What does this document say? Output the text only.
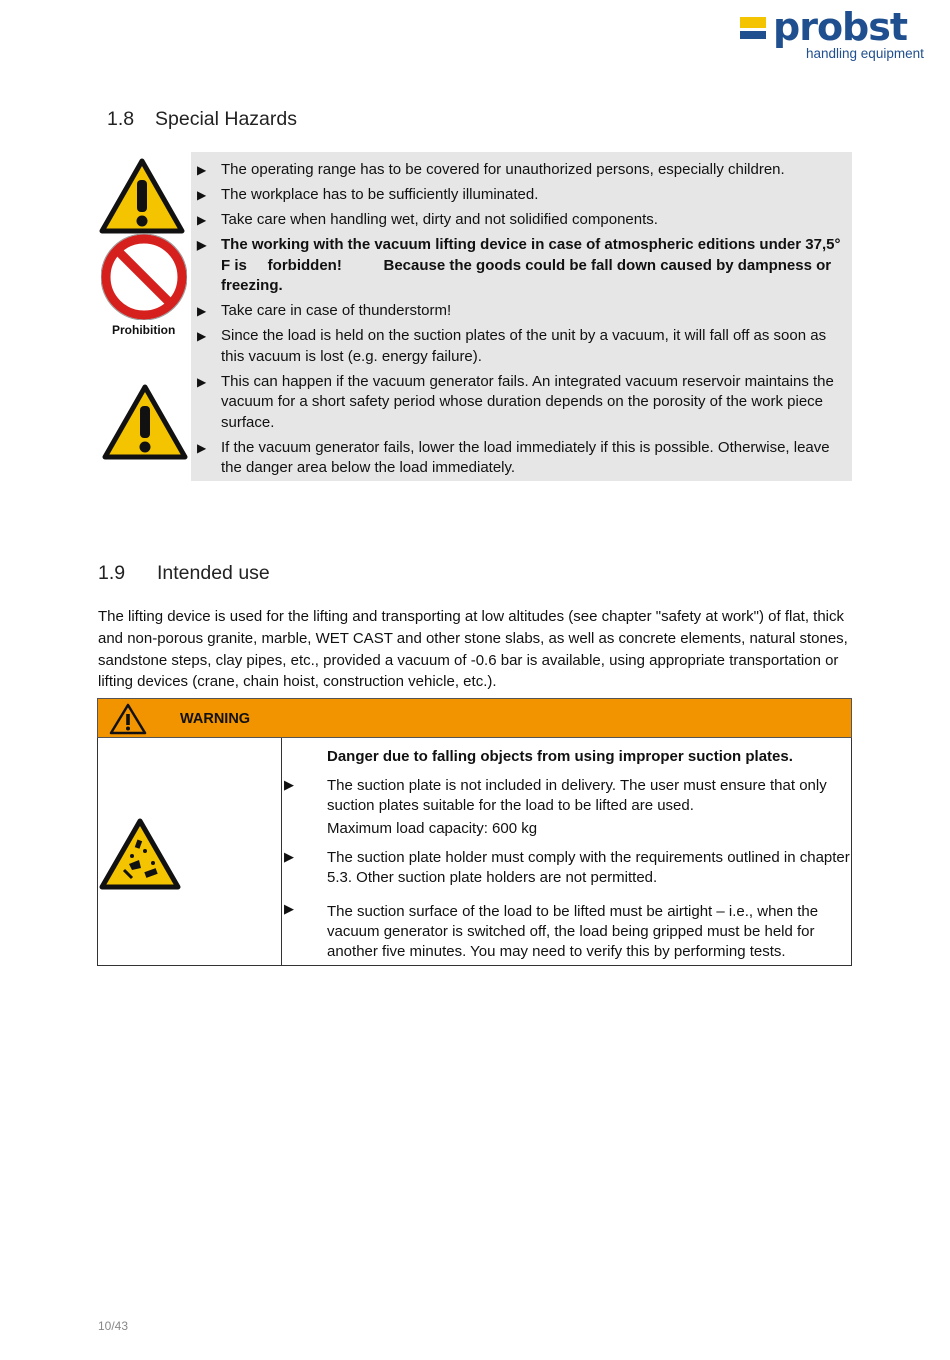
probst
handling equipment
1.8 Special Hazards
Prohibition
▶ The operating range has to be covered for unauthorized persons, especially children.
▶ The workplace has to be sufficiently illuminated.
▶ Take care when handling wet, dirty and not solidified components.
▶ The working with the vacuum lifting device in case of atmospheric editions under 37,5° F is     forbidden!          Because the goods could be fall down caused by dampness or freezing.
▶ Take care in case of thunderstorm!
▶ Since the load is held on the suction plates of the unit by a vacuum, it will fall off as soon as this vacuum is lost (e.g. energy failure).
▶ This can happen if the vacuum generator fails. An integrated vacuum reservoir maintains the vacuum for a short safety period whose duration depends on the porosity of the work piece    surface.
▶ If the vacuum generator fails, lower the load immediately if this is possible. Otherwise, leave the danger area below the load immediately.
1.9 Intended use
The lifting device is used for the lifting and transporting at low altitudes (see chapter "safety at work") of flat, thick and non-porous granite, marble, WET CAST and other stone slabs, as well as concrete elements, natural stones, sandstone steps, clay pipes, etc., provided a vacuum of -0.6 bar is available, using appropriate transportation or lifting devices (crane, chain hoist, construction vehicle, etc.).
WARNING
Danger due to falling objects from using improper suction plates.
▶ The suction plate is not included in delivery. The user must ensure that only suction plates suitable for the load to be lifted are used.
Maximum load capacity: 600 kg
▶ The suction plate holder must comply with the requirements outlined in chapter 5.3. Other suction plate holders are not permitted.
▶ The suction surface of the load to be lifted must be airtight – i.e., when the vacuum generator is switched off, the load being gripped must be held for another five minutes. You may need to verify this by performing tests.
10/43
